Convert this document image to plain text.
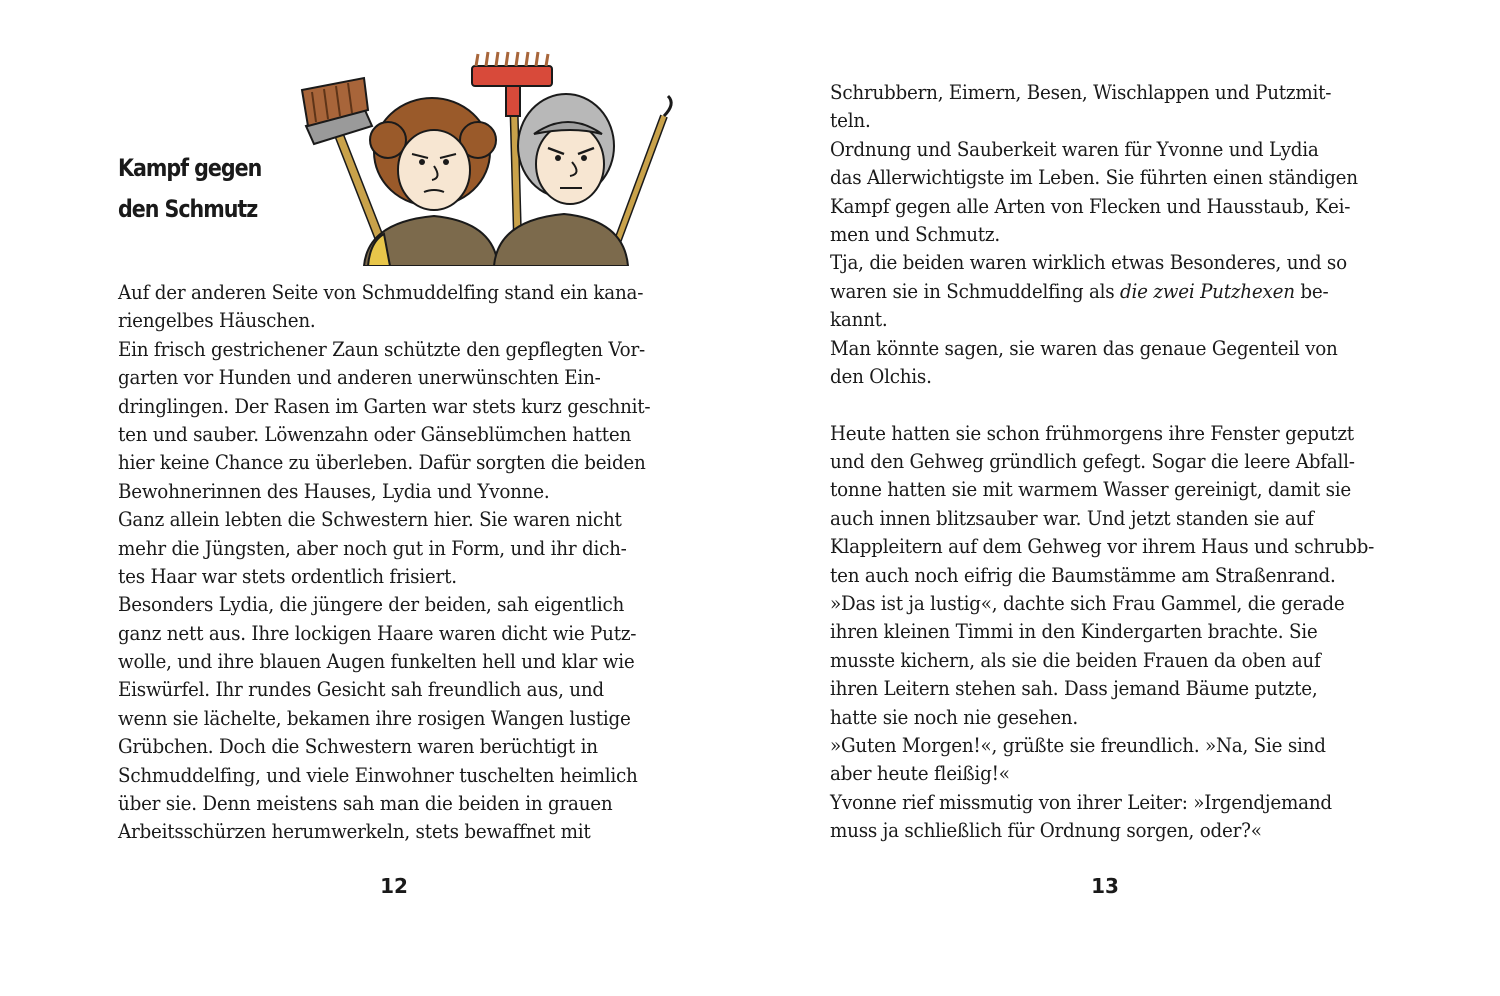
Kampf gegen
den Schmutz
Auf der anderen Seite von Schmuddelfing stand ein kana-
riengelbes Häuschen.
Ein frisch gestrichener Zaun schützte den gepflegten Vor-
garten vor Hunden und anderen unerwünschten Ein-
dringlingen. Der Rasen im Garten war stets kurz geschnit-
ten und sauber. Löwenzahn oder Gänseblümchen hatten
hier keine Chance zu überleben. Dafür sorgten die beiden
Bewohnerinnen des Hauses, Lydia und Yvonne.
Ganz allein lebten die Schwestern hier. Sie waren nicht
mehr die Jüngsten, aber noch gut in Form, und ihr dich-
tes Haar war stets ordentlich frisiert.
Besonders Lydia, die jüngere der beiden, sah eigentlich
ganz nett aus. Ihre lockigen Haare waren dicht wie Putz-
wolle, und ihre blauen Augen funkelten hell und klar wie
Eiswürfel. Ihr rundes Gesicht sah freundlich aus, und
wenn sie lächelte, bekamen ihre rosigen Wangen lustige
Grübchen. Doch die Schwestern waren berüchtigt in
Schmuddelfing, und viele Einwohner tuschelten heimlich
über sie. Denn meistens sah man die beiden in grauen
Arbeitsschürzen herumwerkeln, stets bewaffnet mit
12
Schrubbern, Eimern, Besen, Wischlappen und Putzmit-
teln.
Ordnung und Sauberkeit waren für Yvonne und Lydia
das Allerwichtigste im Leben. Sie führten einen ständigen
Kampf gegen alle Arten von Flecken und Hausstaub, Kei-
men und Schmutz.
Tja, die beiden waren wirklich etwas Besonderes, und so
waren sie in Schmuddelfing als die zwei Putzhexen be-
kannt.
Man könnte sagen, sie waren das genaue Gegenteil von
den Olchis.
Heute hatten sie schon frühmorgens ihre Fenster geputzt
und den Gehweg gründlich gefegt. Sogar die leere Abfall-
tonne hatten sie mit warmem Wasser gereinigt, damit sie
auch innen blitzsauber war. Und jetzt standen sie auf
Klappleitern auf dem Gehweg vor ihrem Haus und schrubb-
ten auch noch eifrig die Baumstämme am Straßenrand.
»Das ist ja lustig«, dachte sich Frau Gammel, die gerade
ihren kleinen Timmi in den Kindergarten brachte. Sie
musste kichern, als sie die beiden Frauen da oben auf
ihren Leitern stehen sah. Dass jemand Bäume putzte,
hatte sie noch nie gesehen.
»Guten Morgen!«, grüßte sie freundlich. »Na, Sie sind
aber heute fleißig!«
Yvonne rief missmutig von ihrer Leiter: »Irgendjemand
muss ja schließlich für Ordnung sorgen, oder?«
13
